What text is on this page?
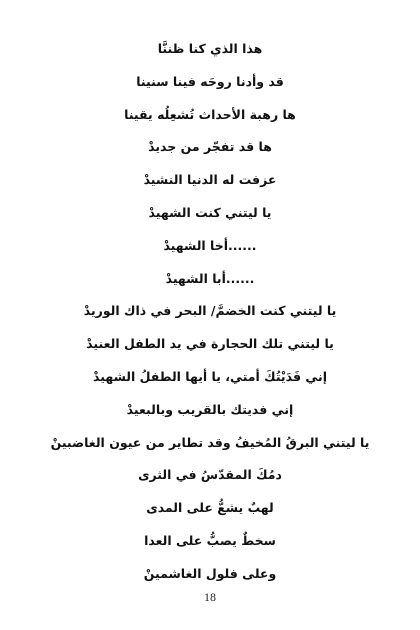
هذا الذي كنا ظننَّا
قد وأدنا روحَه فينا سنينا
ها رهبة الأحداث تُشعِلُه يقينا
ها قد تفجّر من جديدْ
عزفت له الدنيا النشيدْ
يا ليتني كنت الشهيدْ
......أخا الشهيدْ
......أبا الشهيدْ
يا ليتني كنت الخضمَّ/ البحر في ذاك الوريدْ
يا ليتني تلك الحجارة في يد الطفل العنيدْ
إني فَدَيْتُكَ أمتي، يا أيها الطفلُ الشهيدْ
إني فديتك بالقريب وبالبعيدْ
يا ليتني البرقُ المُخيفُ وقد تطاير من عيون الغاضبينْ
دمُكَ المقدّسُ في الثرى
لهبٌ يشعُّ على المدى
سخطٌ يصبُّ على العدا
وعلى فلول الغاشمينْ
18
